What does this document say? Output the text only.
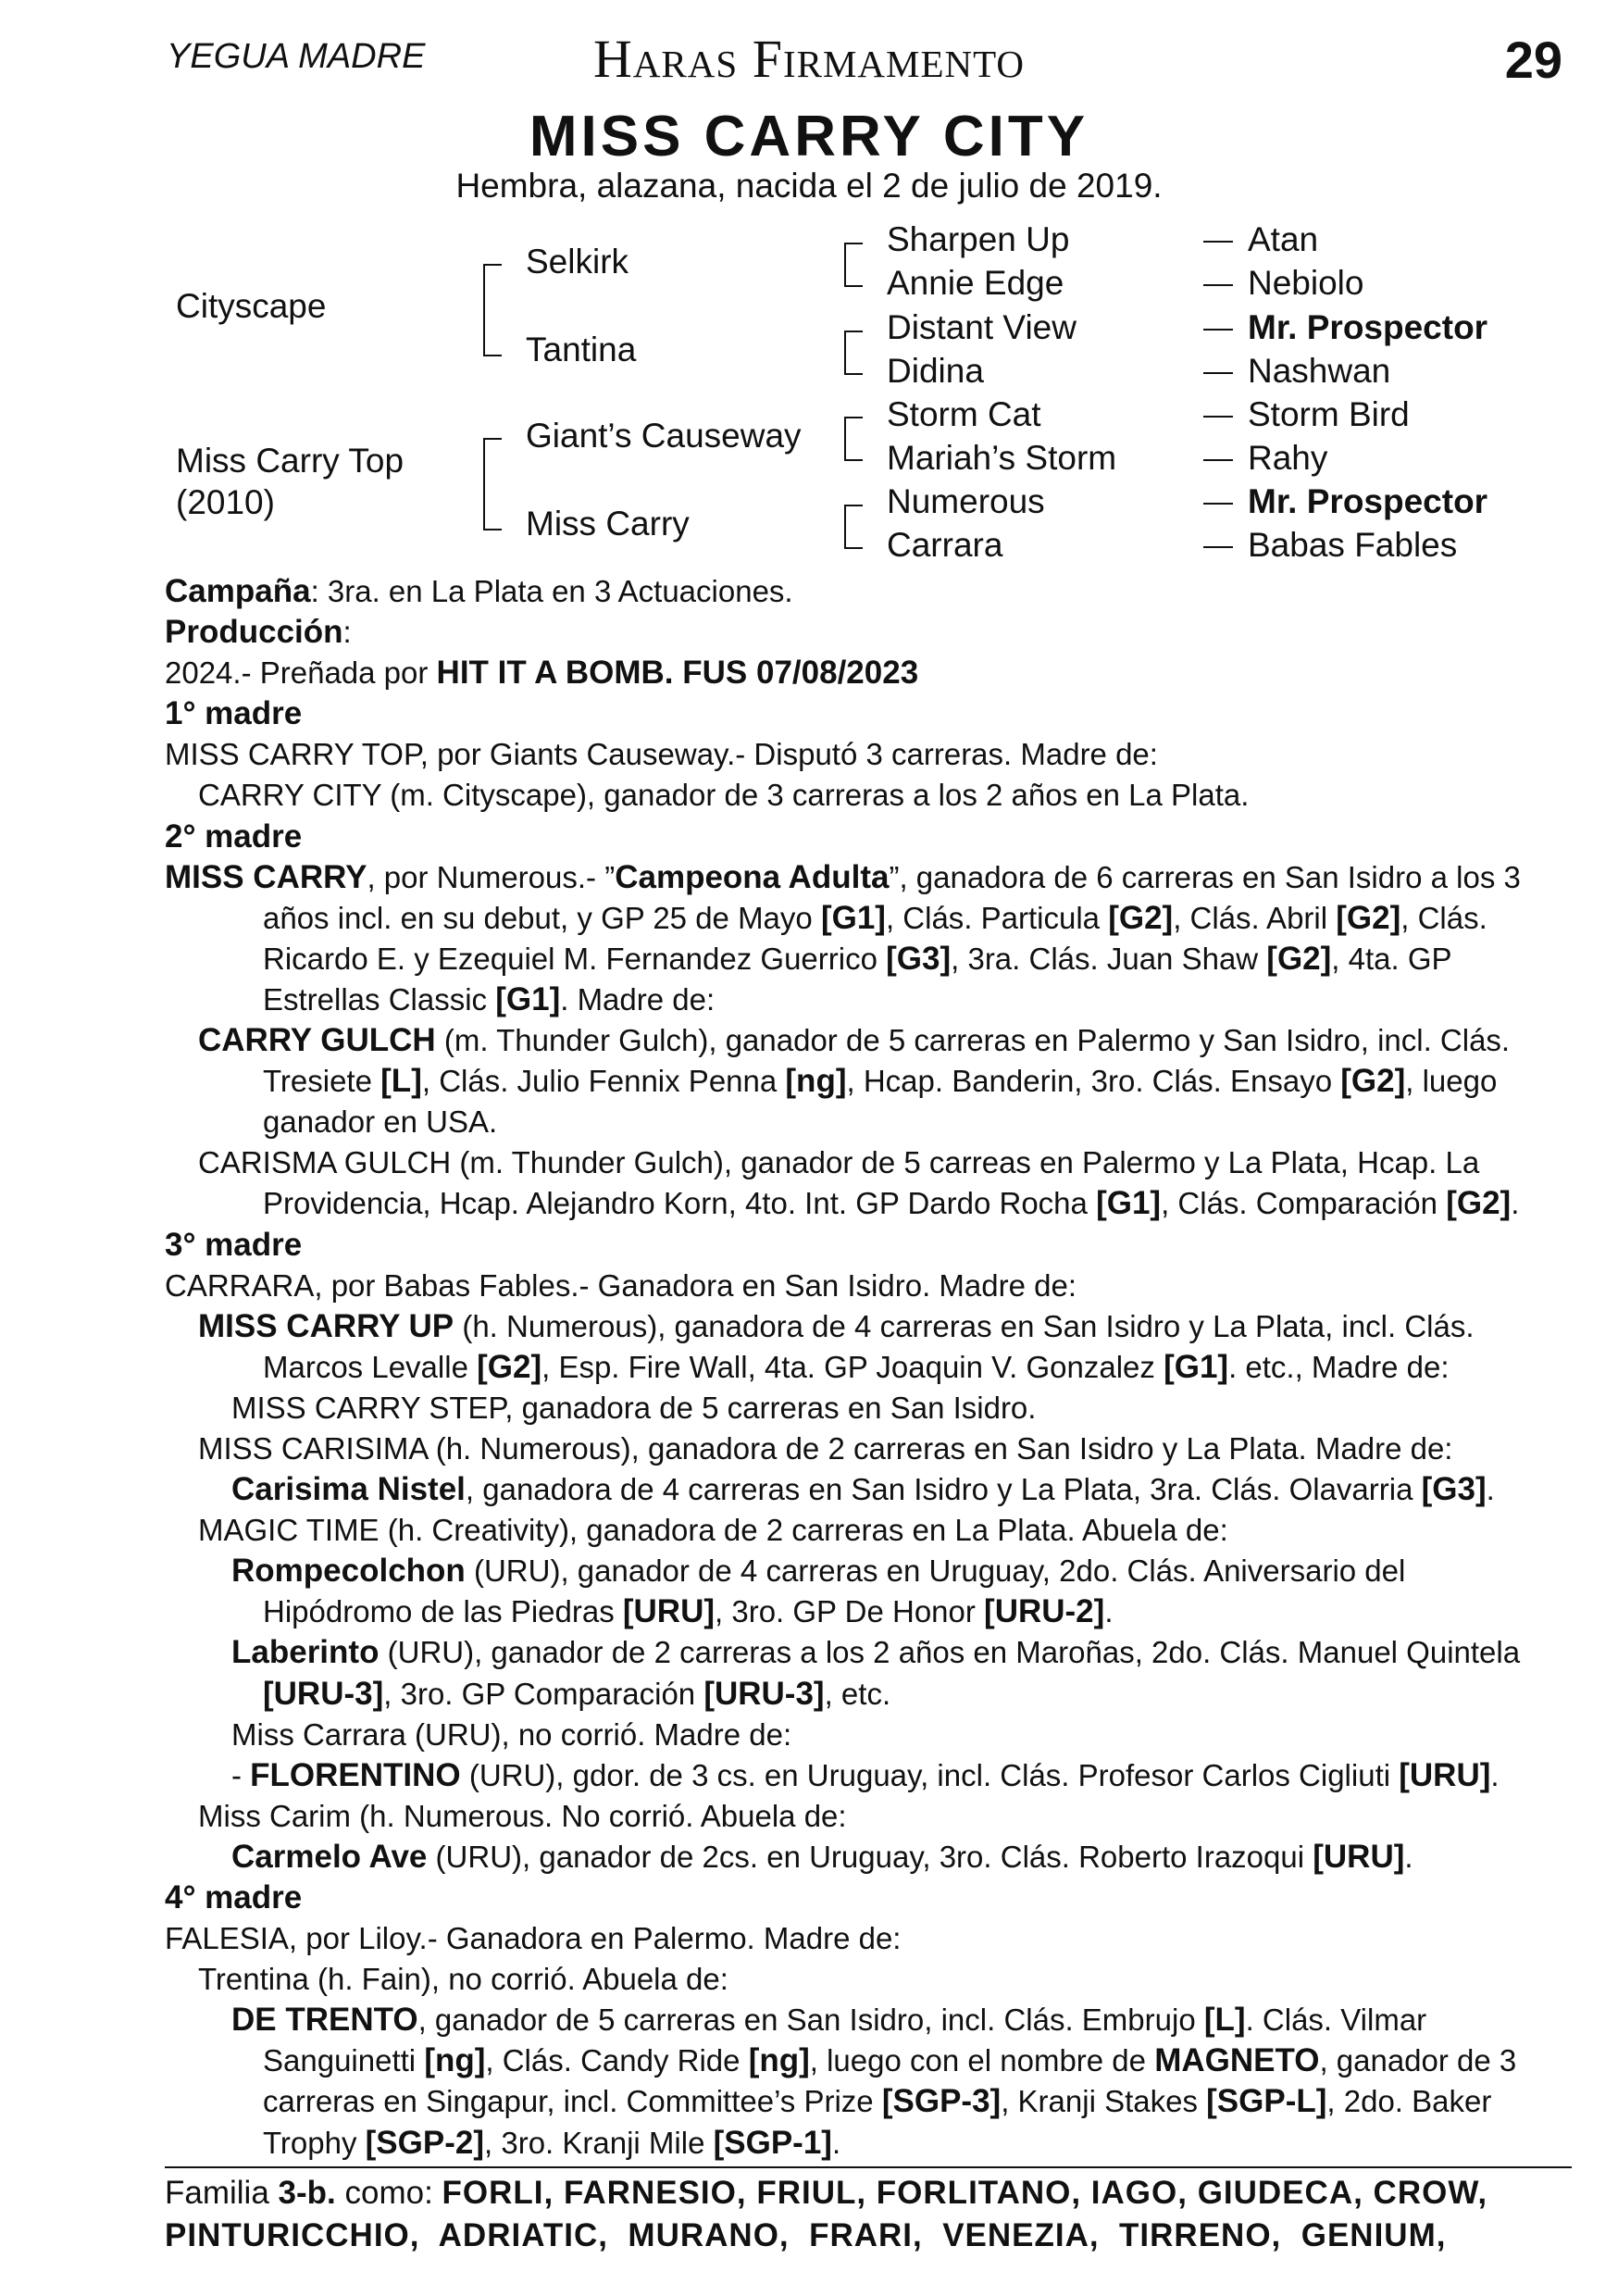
YEGUA MADRE	Haras Firmamento	29
MISS CARRY CITY
Hembra, alazana, nacida el 2 de julio de 2019.
Cityscape
Miss Carry Top
(2010)
Selkirk
Tantina
Giant’s Causeway
Miss Carry
Sharpen Up
Annie Edge
Distant View
Didina
Storm Cat
Mariah’s Storm
Numerous
Carrara
Atan
Nebiolo
Mr. Prospector
Nashwan
Storm Bird
Rahy
Mr. Prospector
Babas Fables
Campaña: 3ra. en La Plata en 3 Actuaciones.
Producción:
2024.- Preñada por HIT IT A BOMB. FUS 07/08/2023
1° madre
MISS CARRY TOP, por Giants Causeway.- Disputó 3 carreras. Madre de:
CARRY CITY (m. Cityscape), ganador de 3 carreras a los 2 años en La Plata.
2° madre
MISS CARRY, por Numerous.- ”Campeona Adulta”, ganadora de 6 carreras en San Isidro a los 3
años incl. en su debut, y GP 25 de Mayo [G1], Clás. Particula [G2], Clás. Abril [G2], Clás.
Ricardo E. y Ezequiel M. Fernandez Guerrico [G3], 3ra. Clás. Juan Shaw [G2], 4ta. GP
Estrellas Classic [G1]. Madre de:
CARRY GULCH (m. Thunder Gulch), ganador de 5 carreras en Palermo y San Isidro, incl. Clás.
Tresiete [L], Clás. Julio Fennix Penna [ng], Hcap. Banderin, 3ro. Clás. Ensayo [G2], luego
ganador en USA.
CARISMA GULCH (m. Thunder Gulch), ganador de 5 carreas en Palermo y La Plata, Hcap. La
Providencia, Hcap. Alejandro Korn, 4to. Int. GP Dardo Rocha [G1], Clás. Comparación [G2].
3° madre
CARRARA, por Babas Fables.- Ganadora en San Isidro. Madre de:
MISS CARRY UP (h. Numerous), ganadora de 4 carreras en San Isidro y La Plata, incl. Clás.
Marcos Levalle [G2], Esp. Fire Wall, 4ta. GP Joaquin V. Gonzalez [G1]. etc., Madre de:
MISS CARRY STEP, ganadora de 5 carreras en San Isidro.
MISS CARISIMA (h. Numerous), ganadora de 2 carreras en San Isidro y La Plata. Madre de:
Carisima Nistel, ganadora de 4 carreras en San Isidro y La Plata, 3ra. Clás. Olavarria [G3].
MAGIC TIME (h. Creativity), ganadora de 2 carreras en La Plata. Abuela de:
Rompecolchon (URU), ganador de 4 carreras en Uruguay, 2do. Clás. Aniversario del
Hipódromo de las Piedras [URU], 3ro. GP De Honor [URU-2].
Laberinto (URU), ganador de 2 carreras a los 2 años en Maroñas, 2do. Clás. Manuel Quintela
[URU-3], 3ro. GP Comparación [URU-3], etc.
Miss Carrara (URU), no corrió. Madre de:
- FLORENTINO (URU), gdor. de 3 cs. en Uruguay, incl. Clás. Profesor Carlos Cigliuti [URU].
Miss Carim (h. Numerous. No corrió. Abuela de:
Carmelo Ave (URU), ganador de 2cs. en Uruguay, 3ro. Clás. Roberto Irazoqui [URU].
4° madre
FALESIA, por Liloy.- Ganadora en Palermo. Madre de:
Trentina (h. Fain), no corrió. Abuela de:
DE TRENTO, ganador de 5 carreras en San Isidro, incl. Clás. Embrujo [L]. Clás. Vilmar
Sanguinetti [ng], Clás. Candy Ride [ng], luego con el nombre de MAGNETO, ganador de 3
carreras en Singapur, incl. Committee’s Prize [SGP-3], Kranji Stakes [SGP-L], 2do. Baker
Trophy [SGP-2], 3ro. Kranji Mile [SGP-1].
Familia 3-b. como: FORLI, FARNESIO, FRIUL, FORLITANO, IAGO, GIUDECA, CROW,
PINTURICCHIO,  ADRIATIC,  MURANO,  FRARI,  VENEZIA,  TIRRENO,  GENIUM,
